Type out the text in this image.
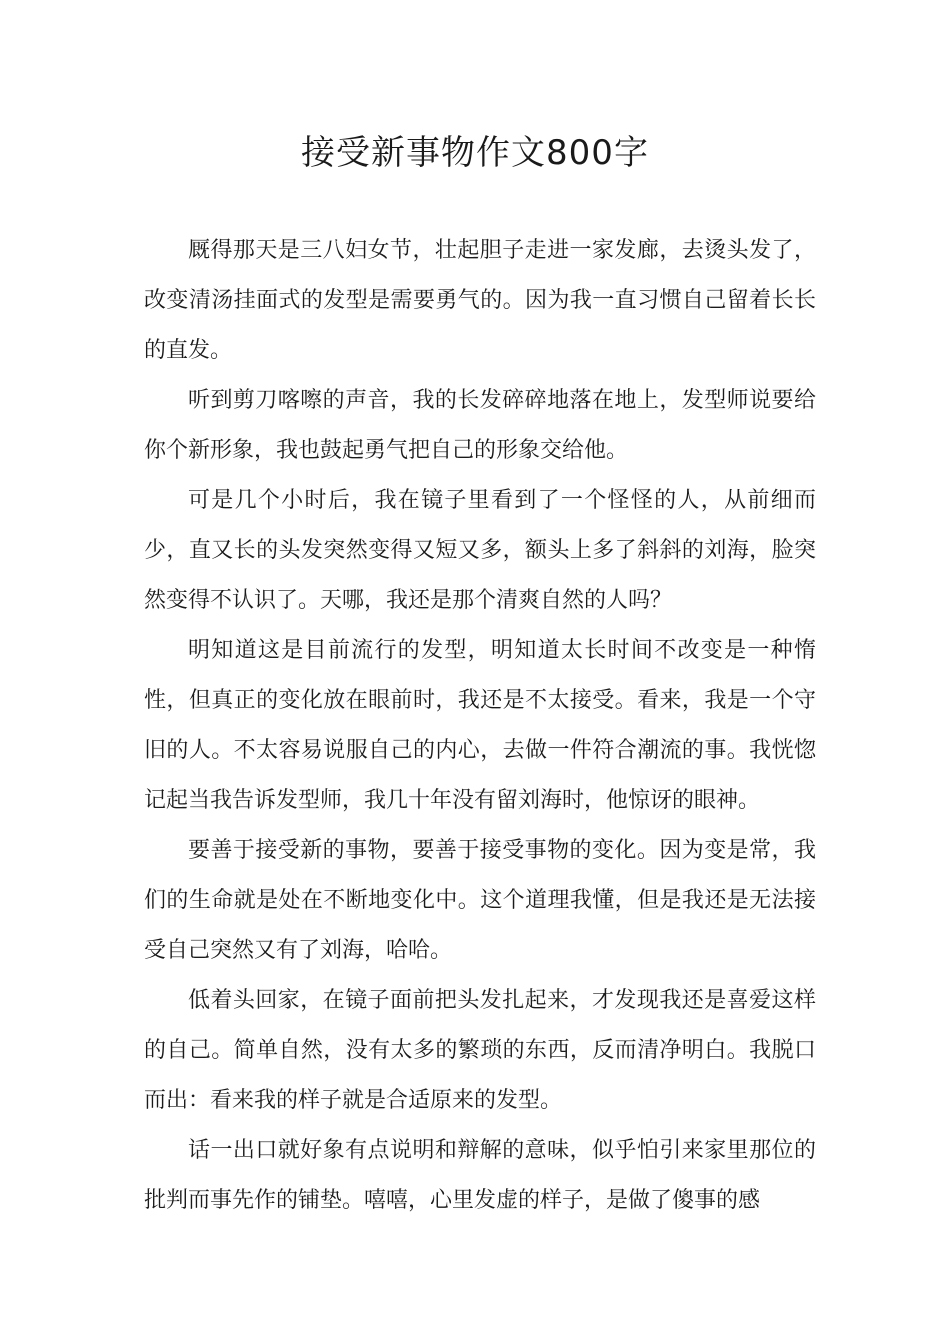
接受新事物作文800字

厩得那天是三八妇女节，壮起胆子走进一家发廊，去烫头发了，改变清汤挂面式的发型是需要勇气的。因为我一直习惯自己留着长长的直发。

听到剪刀喀嚓的声音，我的长发碎碎地落在地上，发型师说要给你个新形象，我也鼓起勇气把自己的形象交给他。

可是几个小时后，我在镜子里看到了一个怪怪的人，从前细而少，直又长的头发突然变得又短又多，额头上多了斜斜的刘海，脸突然变得不认识了。天哪，我还是那个清爽自然的人吗？

明知道这是目前流行的发型，明知道太长时间不改变是一种惰性，但真正的变化放在眼前时，我还是不太接受。看来，我是一个守旧的人。不太容易说服自己的内心，去做一件符合潮流的事。我恍惚记起当我告诉发型师，我几十年没有留刘海时，他惊讶的眼神。

要善于接受新的事物，要善于接受事物的变化。因为变是常，我们的生命就是处在不断地变化中。这个道理我懂，但是我还是无法接受自己突然又有了刘海，哈哈。

低着头回家，在镜子面前把头发扎起来，才发现我还是喜爱这样的自己。简单自然，没有太多的繁琐的东西，反而清净明白。我脱口而出：看来我的样子就是合适原来的发型。

话一出口就好象有点说明和辩解的意味，似乎怕引来家里那位的批判而事先作的铺垫。嘻嘻，心里发虚的样子，是做了傻事的感
